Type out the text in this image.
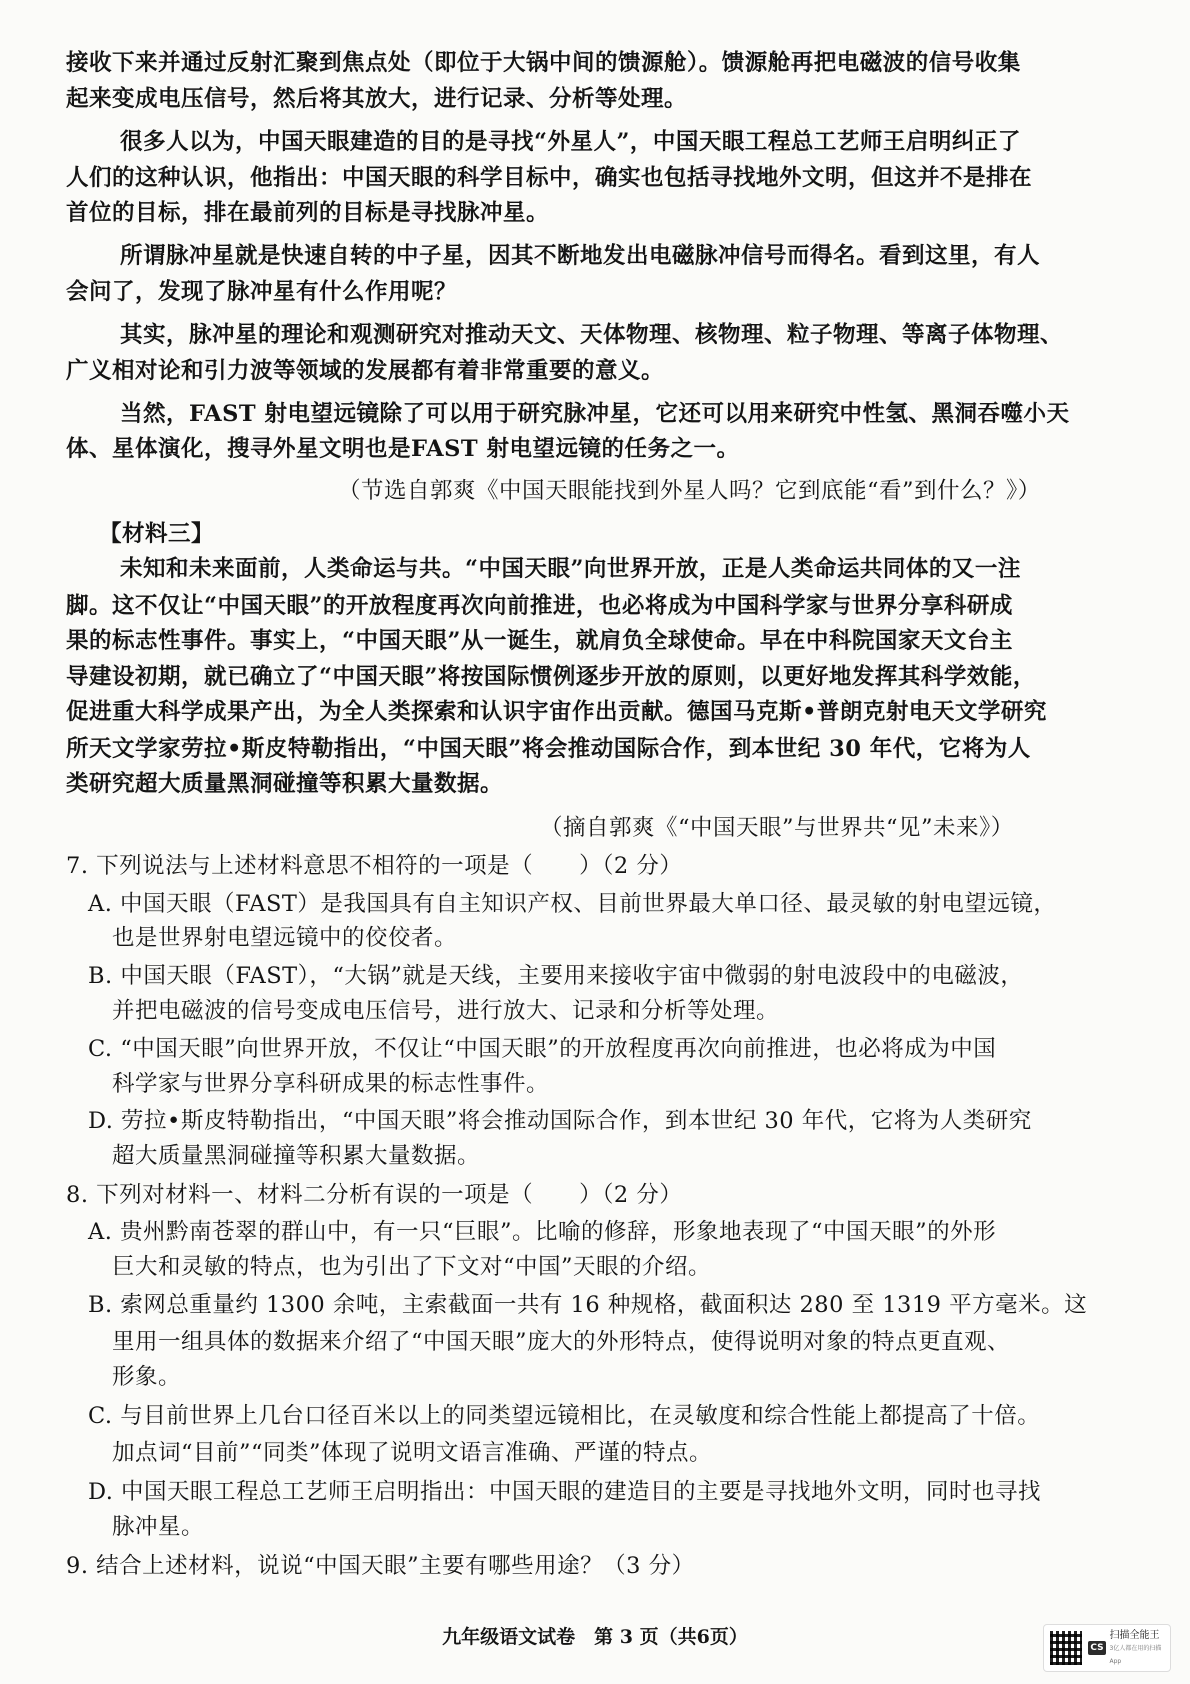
接收下来并通过反射汇聚到焦点处（即位于大锅中间的馈源舱）。馈源舱再把电磁波的信号收集
起来变成电压信号，然后将其放大，进行记录、分析等处理。
很多人以为，中国天眼建造的目的是寻找“外星人”，中国天眼工程总工艺师王启明纠正了
人们的这种认识，他指出：中国天眼的科学目标中，确实也包括寻找地外文明，但这并不是排在
首位的目标，排在最前列的目标是寻找脉冲星。
所谓脉冲星就是快速自转的中子星，因其不断地发出电磁脉冲信号而得名。看到这里，有人
会问了，发现了脉冲星有什么作用呢？
其实，脉冲星的理论和观测研究对推动天文、天体物理、核物理、粒子物理、等离子体物理、
广义相对论和引力波等领域的发展都有着非常重要的意义。
当然，FAST 射电望远镜除了可以用于研究脉冲星，它还可以用来研究中性氢、黑洞吞噬小天
体、星体演化，搜寻外星文明也是FAST 射电望远镜的任务之一。
（节选自郭爽《中国天眼能找到外星人吗？它到底能“看”到什么？》）
【材料三】
未知和未来面前，人类命运与共。“中国天眼”向世界开放，正是人类命运共同体的又一注
脚。这不仅让“中国天眼”的开放程度再次向前推进，也必将成为中国科学家与世界分享科研成
果的标志性事件。事实上，“中国天眼”从一诞生，就肩负全球使命。早在中科院国家天文台主
导建设初期，就已确立了“中国天眼”将按国际惯例逐步开放的原则，以更好地发挥其科学效能，
促进重大科学成果产出，为全人类探索和认识宇宙作出贡献。德国马克斯•普朗克射电天文学研究
所天文学家劳拉•斯皮特勒指出，“中国天眼”将会推动国际合作，到本世纪 30 年代，它将为人
类研究超大质量黑洞碰撞等积累大量数据。
（摘自郭爽《“中国天眼”与世界共“见”未来》）
7. 下列说法与上述材料意思不相符的一项是（　　）（2 分）
A. 中国天眼（FAST）是我国具有自主知识产权、目前世界最大单口径、最灵敏的射电望远镜，
也是世界射电望远镜中的佼佼者。
B. 中国天眼（FAST），“大锅”就是天线，主要用来接收宇宙中微弱的射电波段中的电磁波，
并把电磁波的信号变成电压信号，进行放大、记录和分析等处理。
C. “中国天眼”向世界开放，不仅让“中国天眼”的开放程度再次向前推进，也必将成为中国
科学家与世界分享科研成果的标志性事件。
D. 劳拉•斯皮特勒指出，“中国天眼”将会推动国际合作，到本世纪 30 年代，它将为人类研究
超大质量黑洞碰撞等积累大量数据。
8. 下列对材料一、材料二分析有误的一项是（　　）（2 分）
A. 贵州黔南苍翠的群山中，有一只“巨眼”。比喻的修辞，形象地表现了“中国天眼”的外形
巨大和灵敏的特点，也为引出了下文对“中国”天眼的介绍。
B. 索网总重量约 1300 余吨，主索截面一共有 16 种规格，截面积达 280 至 1319 平方毫米。这
里用一组具体的数据来介绍了“中国天眼”庞大的外形特点，使得说明对象的特点更直观、
形象。
C. 与目前世界上几台口径百米以上的同类望远镜相比，在灵敏度和综合性能上都提高了十倍。
加点词“目前”“同类”体现了说明文语言准确、严谨的特点。
D. 中国天眼工程总工艺师王启明指出：中国天眼的建造目的主要是寻找地外文明，同时也寻找
脉冲星。
9. 结合上述材料，说说“中国天眼”主要有哪些用途？（3 分）
九年级语文试卷　第 3 页（共6页）	CS
扫描全能王
3亿人都在用的扫描App
